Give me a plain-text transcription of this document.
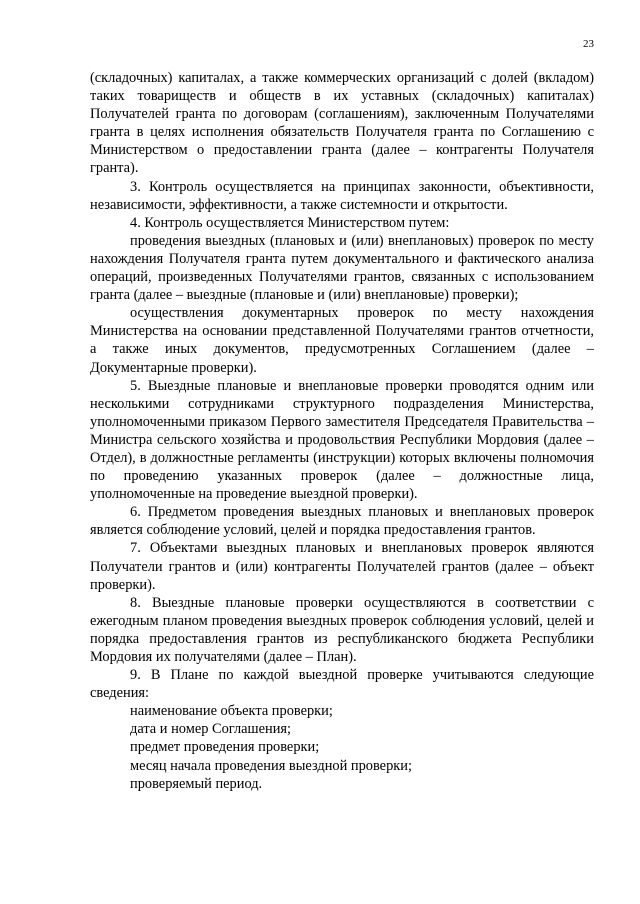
23

(складочных) капиталах, а также коммерческих организаций с долей (вкладом) таких товариществ и обществ в их уставных (складочных) капиталах) Получателей гранта по договорам (соглашениям), заключенным Получателями гранта в целях исполнения обязательств Получателя гранта по Соглашению с Министерством о предоставлении гранта (далее – контрагенты Получателя гранта).

3. Контроль осуществляется на принципах законности, объективности, независимости, эффективности, а также системности и открытости.

4. Контроль осуществляется Министерством путем:

проведения выездных (плановых и (или) внеплановых) проверок по месту нахождения Получателя гранта путем документального и фактического анализа операций, произведенных Получателями грантов, связанных с использованием гранта (далее – выездные (плановые и (или) внеплановые) проверки);

осуществления документарных проверок по месту нахождения Министерства на основании представленной Получателями грантов отчетности, а также иных документов, предусмотренных Соглашением (далее – Документарные проверки).

5. Выездные плановые и внеплановые проверки проводятся одним или несколькими сотрудниками структурного подразделения Министерства, уполномоченными приказом Первого заместителя Председателя Правительства – Министра сельского хозяйства и продовольствия Республики Мордовия (далее – Отдел), в должностные регламенты (инструкции) которых включены полномочия по проведению указанных проверок (далее – должностные лица, уполномоченные на проведение выездной проверки).

6. Предметом проведения выездных плановых и внеплановых проверок является соблюдение условий, целей и порядка предоставления грантов.

7. Объектами выездных плановых и внеплановых проверок являются Получатели грантов и (или) контрагенты Получателей грантов (далее – объект проверки).

8. Выездные плановые проверки осуществляются в соответствии с ежегодным планом проведения выездных проверок соблюдения условий, целей и порядка предоставления грантов из республиканского бюджета Республики Мордовия их получателями (далее – План).

9. В Плане по каждой выездной проверке учитываются следующие сведения:

наименование объекта проверки;

дата и номер Соглашения;

предмет проведения проверки;

месяц начала проведения выездной проверки;

проверяемый период.
